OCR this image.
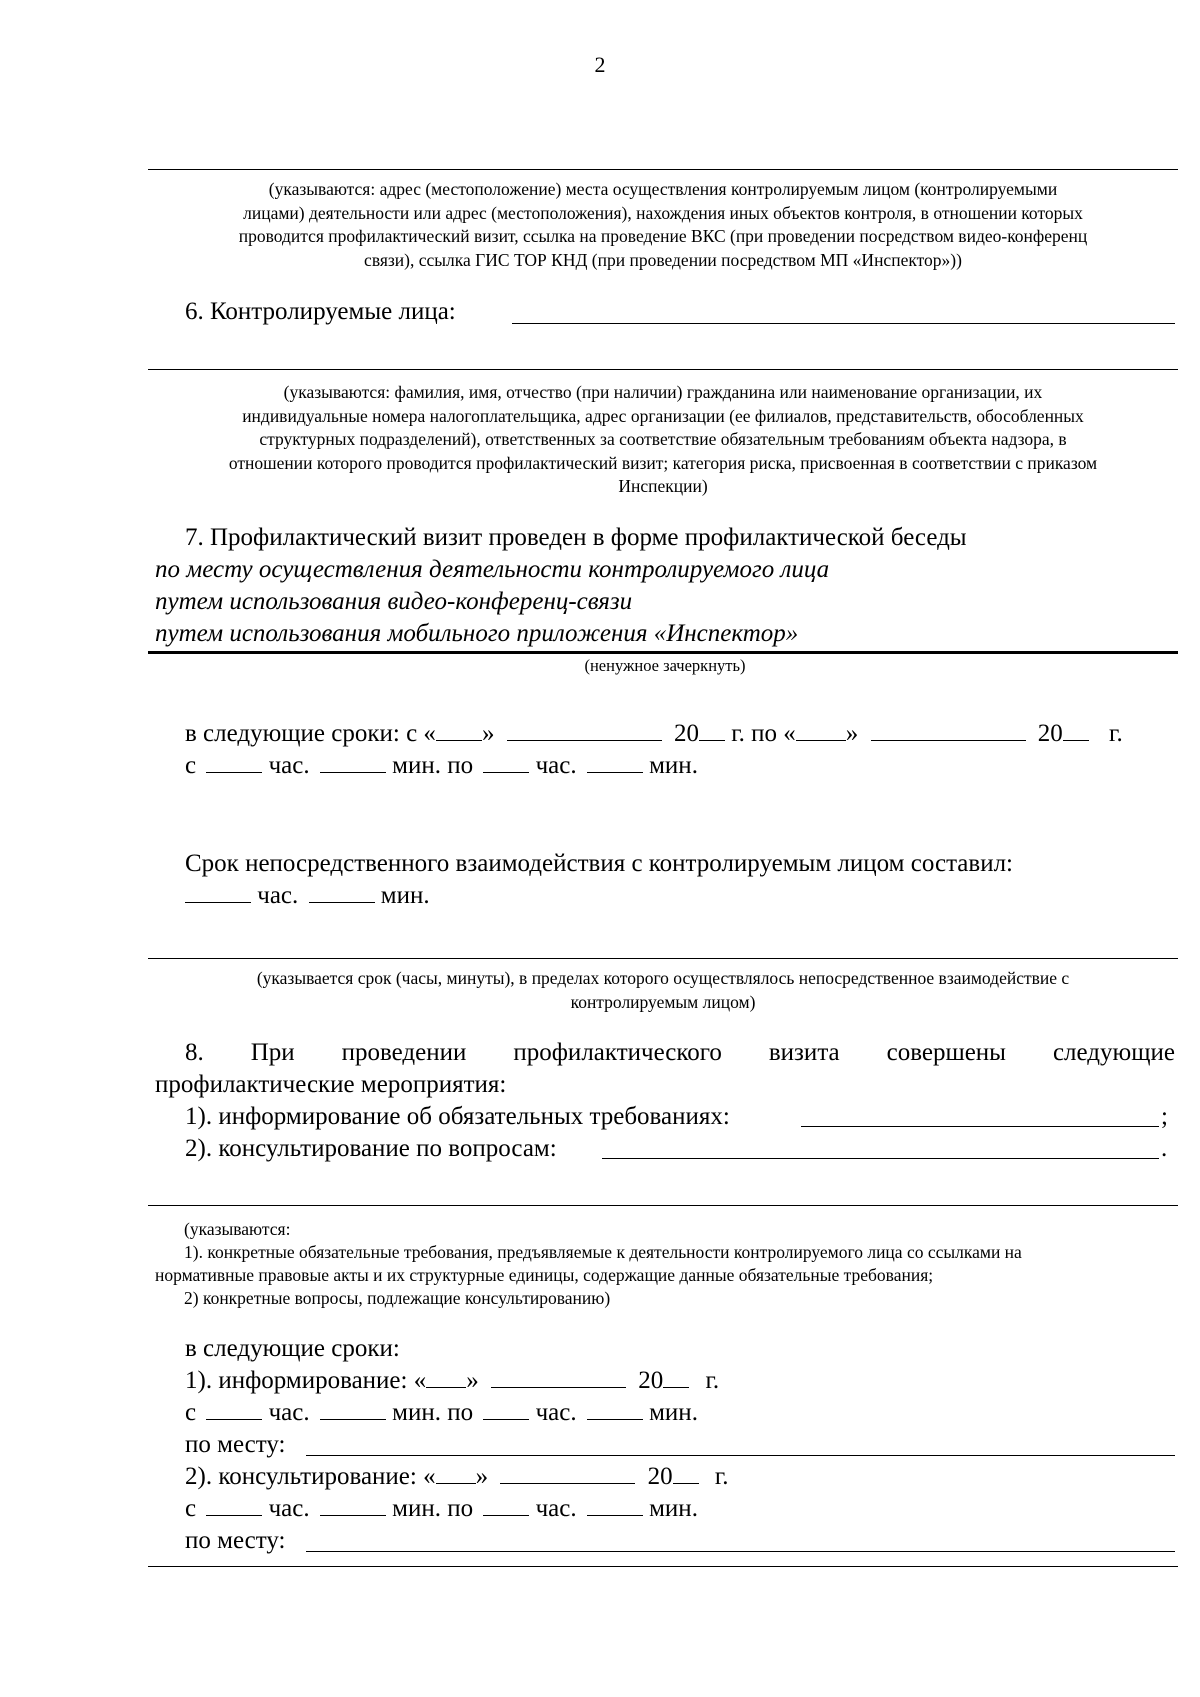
2
(указываются: адрес (местоположение) места осуществления контролируемым лицом (контролируемыми
лицами) деятельности или адрес (местоположения), нахождения иных объектов контроля, в отношении которых
проводится профилактический визит, ссылка на проведение ВКС (при проведении посредством видео-конференц
связи), ссылка ГИС ТОР КНД (при проведении посредством МП «Инспектор»))
6. Контролируемые лица:
(указываются: фамилия, имя, отчество (при наличии) гражданина или наименование организации, их
индивидуальные номера налогоплательщика, адрес организации (ее филиалов, представительств, обособленных
структурных подразделений), ответственных за соответствие обязательным требованиям объекта надзора, в
отношении которого проводится профилактический визит; категория риска, присвоенная в соответствии с приказом
Инспекции)
7. Профилактический визит проведен в форме профилактической беседы
по месту осуществления деятельности контролируемого лица
путем использования видео-конференц-связи
путем использования мобильного приложения «Инспектор»
(ненужное зачеркнуть)
в следующие сроки: с « »	20 г. по « »	20 г.
с	час.	мин. по	час.	мин.
Срок непосредственного взаимодействия с контролируемым лицом составил:
час.	мин.
(указывается срок (часы, минуты), в пределах которого осуществлялось непосредственное взаимодействие с
контролируемым лицом)
8. При проведении профилактического визита совершены следующие
профилактические мероприятия:
1). информирование об обязательных требованиях:	;
2). консультирование по вопросам:	.
(указываются:
1). конкретные обязательные требования, предъявляемые к деятельности контролируемого лица со ссылками на
нормативные правовые акты и их структурные единицы, содержащие данные обязательные требования;
2) конкретные вопросы, подлежащие консультированию)
в следующие сроки:
1). информирование: « »	20 г.
с	час.	мин. по	час.	мин.
по месту:
2). консультирование: « »	20 г.
с	час.	мин. по	час.	мин.
по месту:
